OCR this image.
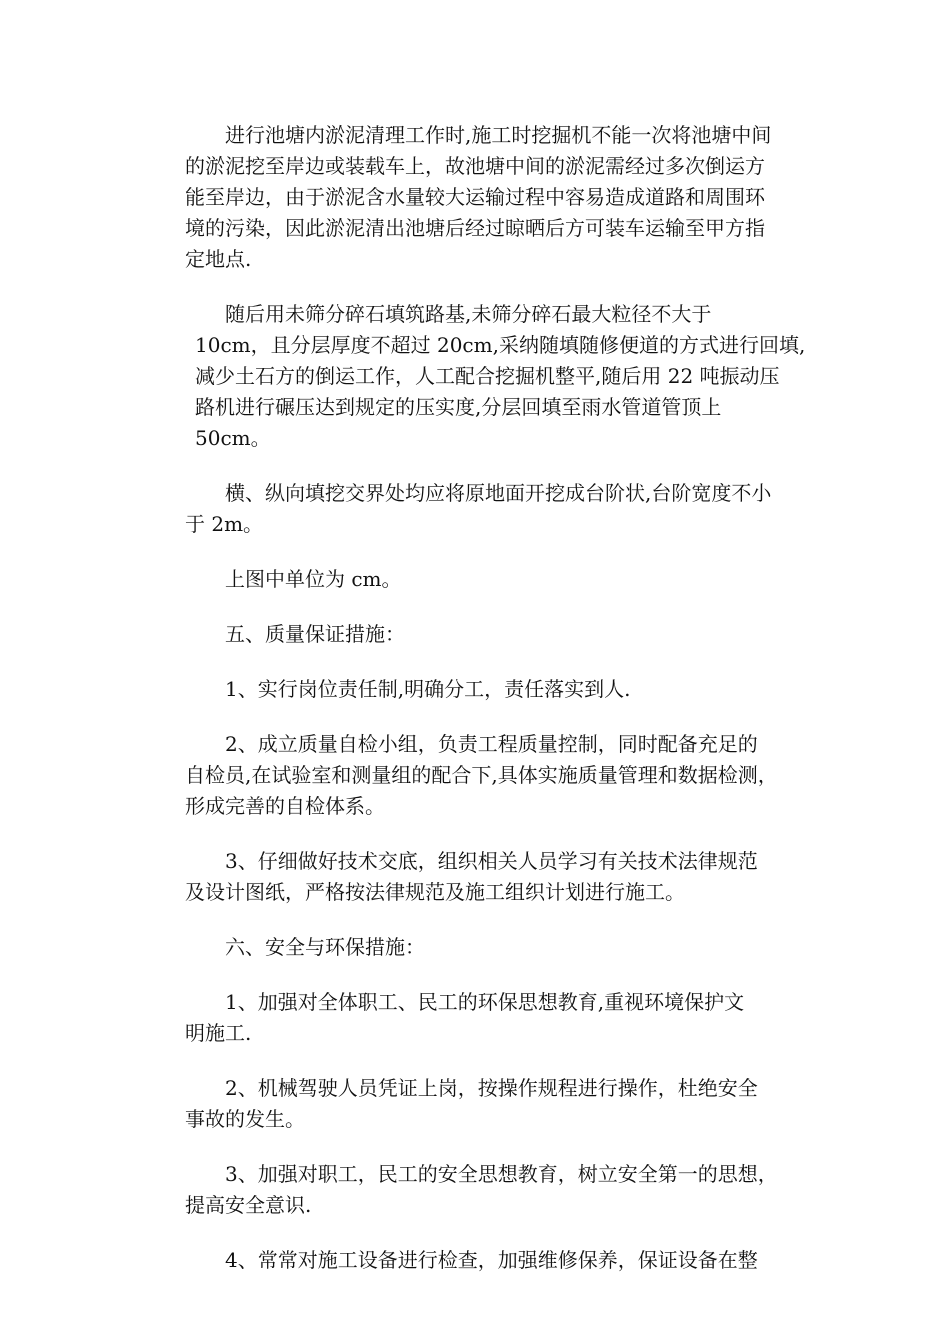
进行池塘内淤泥清理工作时,施工时挖掘机不能一次将池塘中间
的淤泥挖至岸边或装载车上，故池塘中间的淤泥需经过多次倒运方
能至岸边，由于淤泥含水量较大运输过程中容易造成道路和周围环
境的污染，因此淤泥清出池塘后经过晾晒后方可装车运输至甲方指
定地点.
随后用未筛分碎石填筑路基,未筛分碎石最大粒径不大于
10cm，且分层厚度不超过 20cm,采纳随填随修便道的方式进行回填,
减少土石方的倒运工作，人工配合挖掘机整平,随后用 22 吨振动压
路机进行碾压达到规定的压实度,分层回填至雨水管道管顶上
50cm。
横、纵向填挖交界处均应将原地面开挖成台阶状,台阶宽度不小
于 2m。
上图中单位为 cm。
五、质量保证措施：
1、实行岗位责任制,明确分工，责任落实到人.
2、成立质量自检小组，负责工程质量控制，同时配备充足的
自检员,在试验室和测量组的配合下,具体实施质量管理和数据检测，
形成完善的自检体系。
3、仔细做好技术交底，组织相关人员学习有关技术法律规范
及设计图纸，严格按法律规范及施工组织计划进行施工。
六、安全与环保措施：
1、加强对全体职工、民工的环保思想教育,重视环境保护文
明施工.
2、机械驾驶人员凭证上岗，按操作规程进行操作，杜绝安全
事故的发生。
3、加强对职工，民工的安全思想教育，树立安全第一的思想，
提高安全意识.
4、常常对施工设备进行检查，加强维修保养，保证设备在整
